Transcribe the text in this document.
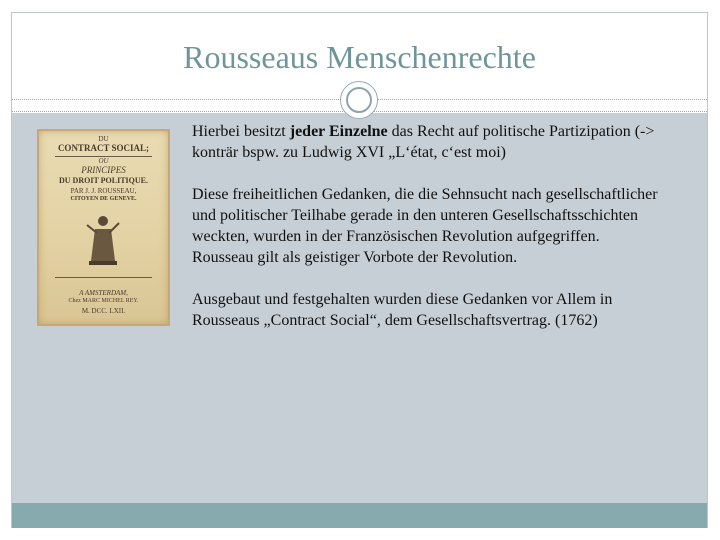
Rousseaus Menschenrechte
DU
CONTRACT SOCIAL;
OU
PRINCIPES
DU DROIT POLITIQUE.
PAR J. J. ROUSSEAU,
CITOYEN DE GENEVE.
A AMSTERDAM,
Chez MARC MICHEL REY.
M. DCC. LXII.

Hierbei besitzt jeder Einzelne das Recht auf politische Partizipation (-> konträr bspw. zu Ludwig XVI „L‘état, c‘est moi)

Diese freiheitlichen Gedanken, die die Sehnsucht nach gesellschaftlicher und politischer Teilhabe gerade in den unteren Gesellschaftsschichten weckten, wurden in der Französischen Revolution aufgegriffen.

Rousseau gilt als geistiger Vorbote der Revolution.

Ausgebaut und festgehalten wurden diese Gedanken vor Allem in Rousseaus „Contract Social“, dem Gesellschaftsvertrag. (1762)
